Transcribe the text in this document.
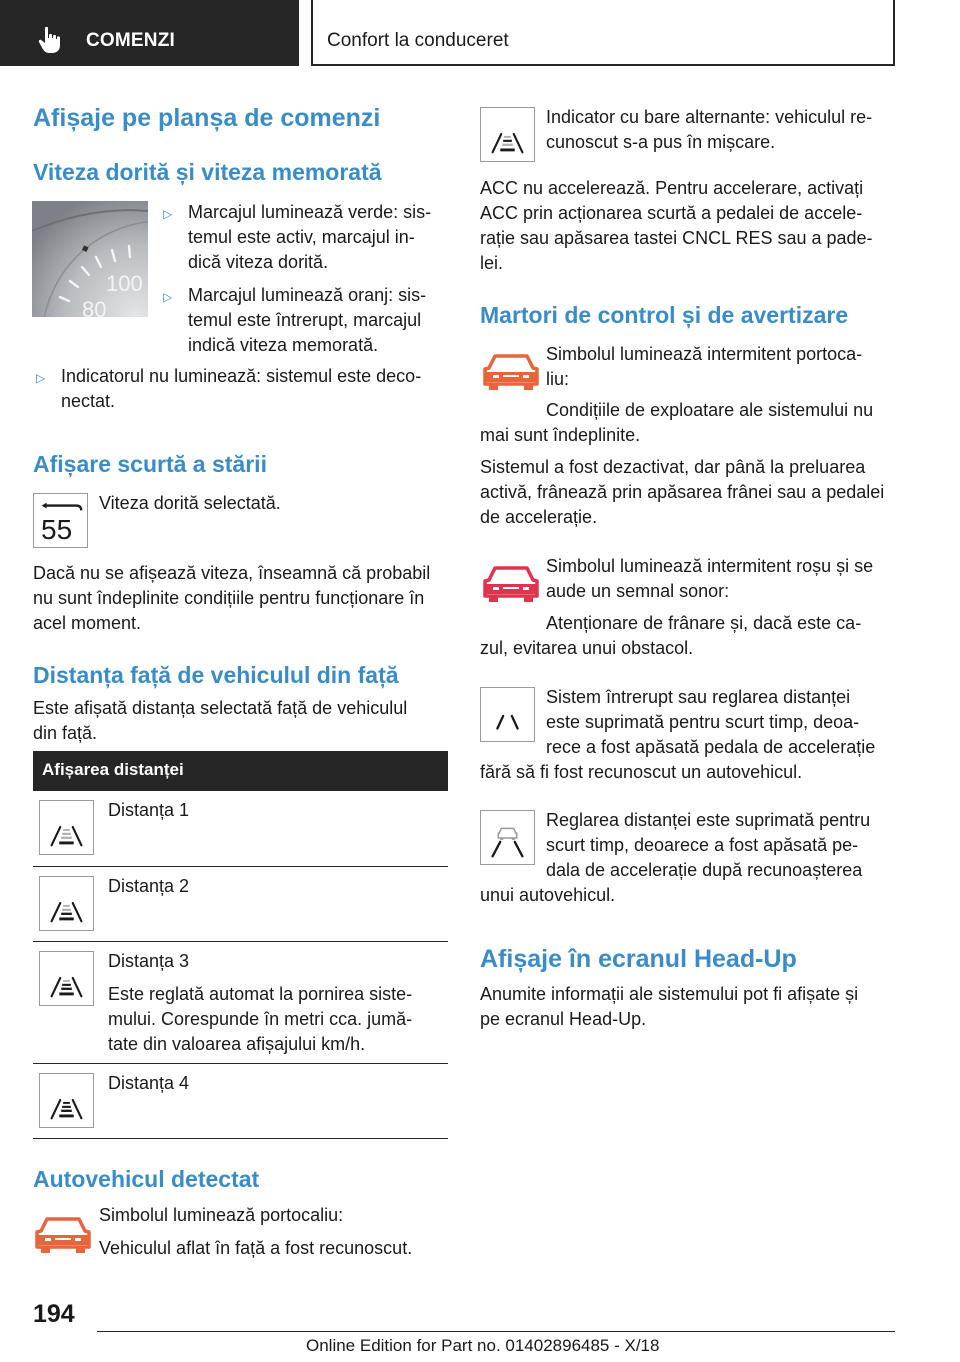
COMENZI	Confort la conduceret
Afișaje pe planșa de comenzi
Viteza dorită și viteza memorată
100
80
▷ Marcajul luminează verde: sis-
temul este activ, marcajul in-
dică viteza dorită.
▷ Marcajul luminează oranj: sis-
temul este întrerupt, marcajul
indică viteza memorată.
▷ Indicatorul nu luminează: sistemul este deco-
nectat.
Afișare scurtă a stării
55
Viteza dorită selectată.
Dacă nu se afișează viteza, înseamnă că probabil
nu sunt îndeplinite condițiile pentru funcționare în
acel moment.
Distanța față de vehiculul din față
Este afișată distanța selectată față de vehiculul
din față.
Afișarea distanței
Distanța 1
Distanța 2
Distanța 3
Este reglată automat la pornirea siste-
mului. Corespunde în metri cca. jumă-
tate din valoarea afișajului km/h.
Distanța 4
Autovehicul detectat
Simbolul luminează portocaliu:
Vehiculul aflat în față a fost recunoscut.
Indicator cu bare alternante: vehiculul re-
cunoscut s-a pus în mișcare.
ACC nu accelerează. Pentru accelerare, activați
ACC prin acționarea scurtă a pedalei de accele-
rație sau apăsarea tastei CNCL RES sau a pade-
lei.
Martori de control și de avertizare
Simbolul luminează intermitent portoca-
liu:
Condițiile de exploatare ale sistemului nu
mai sunt îndeplinite.
Sistemul a fost dezactivat, dar până la preluarea
activă, frânează prin apăsarea frânei sau a pedalei
de accelerație.
Simbolul luminează intermitent roșu și se
aude un semnal sonor:
Atenționare de frânare și, dacă este ca-
zul, evitarea unui obstacol.
Sistem întrerupt sau reglarea distanței
este suprimată pentru scurt timp, deoa-
rece a fost apăsată pedala de accelerație
fără să fi fost recunoscut un autovehicul.
Reglarea distanței este suprimată pentru
scurt timp, deoarece a fost apăsată pe-
dala de accelerație după recunoașterea
unui autovehicul.
Afișaje în ecranul Head-Up
Anumite informații ale sistemului pot fi afișate și
pe ecranul Head-Up.
194
Online Edition for Part no. 01402896485 - X/18
